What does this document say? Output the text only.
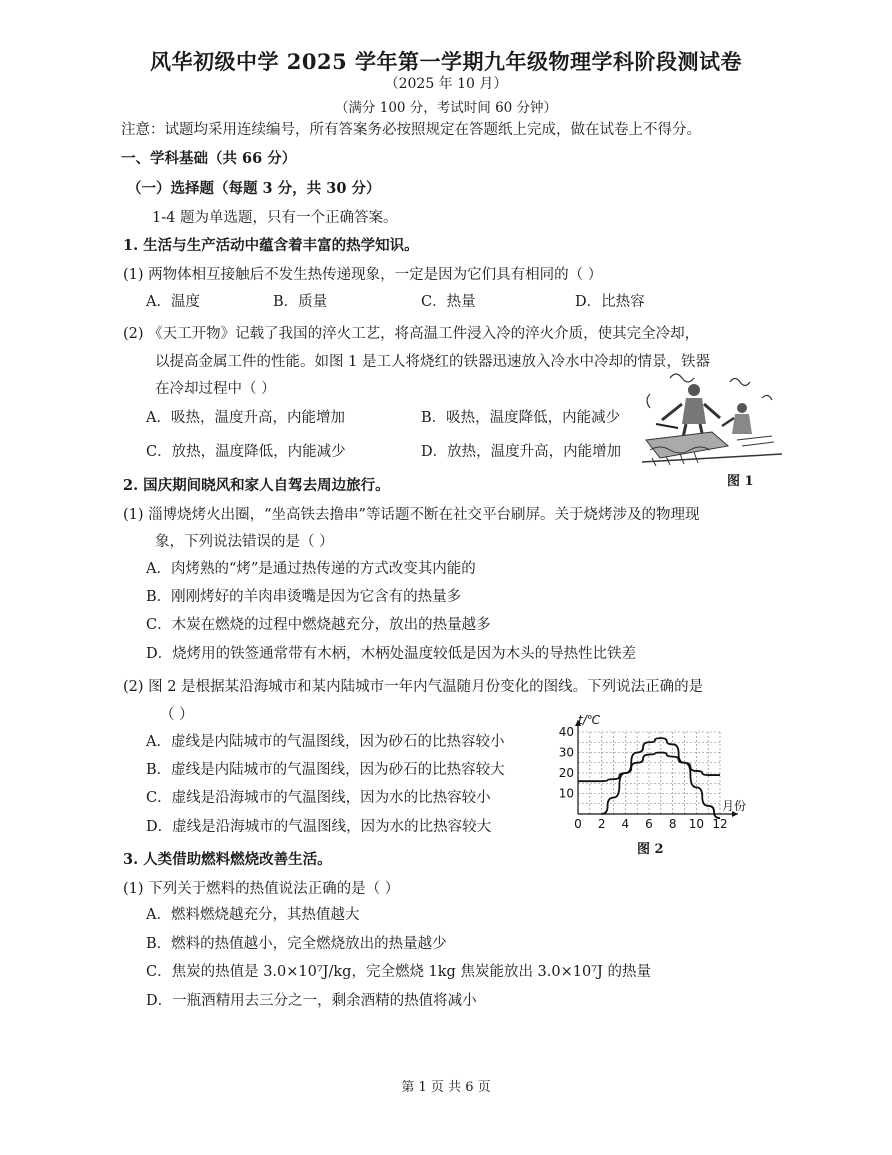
风华初级中学 2025 学年第一学期九年级物理学科阶段测试卷
（2025 年 10 月）
（满分 100 分，考试时间 60 分钟）
注意：试题均采用连续编号，所有答案务必按照规定在答题纸上完成，做在试卷上不得分。
一、学科基础（共 66 分）
（一）选择题（每题 3 分，共 30 分）
1-4 题为单选题，只有一个正确答案。
1. 生活与生产活动中蕴含着丰富的热学知识。
(1) 两物体相互接触后不发生热传递现象，一定是因为它们具有相同的（ ）
A．温度	B．质量	C．热量	D．比热容
(2) 《天工开物》记载了我国的淬火工艺，将高温工件浸入冷的淬火介质，使其完全冷却，
以提高金属工件的性能。如图 1 是工人将烧红的铁器迅速放入冷水中冷却的情景，铁器
在冷却过程中（ ）
A．吸热，温度升高，内能增加	B．吸热，温度降低，内能减少
C．放热，温度降低，内能减少	D．放热，温度升高，内能增加
图 1
2. 国庆期间晓风和家人自驾去周边旅行。
(1) 淄博烧烤火出圈，“坐高铁去撸串”等话题不断在社交平台刷屏。关于烧烤涉及的物理现
象，下列说法错误的是（ ）
A．肉烤熟的“烤”是通过热传递的方式改变其内能的
B．刚刚烤好的羊肉串烫嘴是因为它含有的热量多
C．木炭在燃烧的过程中燃烧越充分，放出的热量越多
D．烧烤用的铁签通常带有木柄，木柄处温度较低是因为木头的导热性比铁差
(2) 图 2 是根据某沿海城市和某内陆城市一年内气温随月份变化的图线。下列说法正确的是
（ ）
A．虚线是内陆城市的气温图线，因为砂石的比热容较小
B．虚线是内陆城市的气温图线，因为砂石的比热容较大
C．虚线是沿海城市的气温图线，因为水的比热容较小
D．虚线是沿海城市的气温图线，因为水的比热容较大	0 2 4 6 8 10 12
10
20
30
40
t/℃
月份
图 2
3. 人类借助燃料燃烧改善生活。
(1) 下列关于燃料的热值说法正确的是（ ）
A．燃料燃烧越充分，其热值越大
B．燃料的热值越小，完全燃烧放出的热量越少
C．焦炭的热值是 3.0×10⁷J/kg，完全燃烧 1kg 焦炭能放出 3.0×10⁷J 的热量
D．一瓶酒精用去三分之一，剩余酒精的热值将减小
第 1 页 共 6 页
